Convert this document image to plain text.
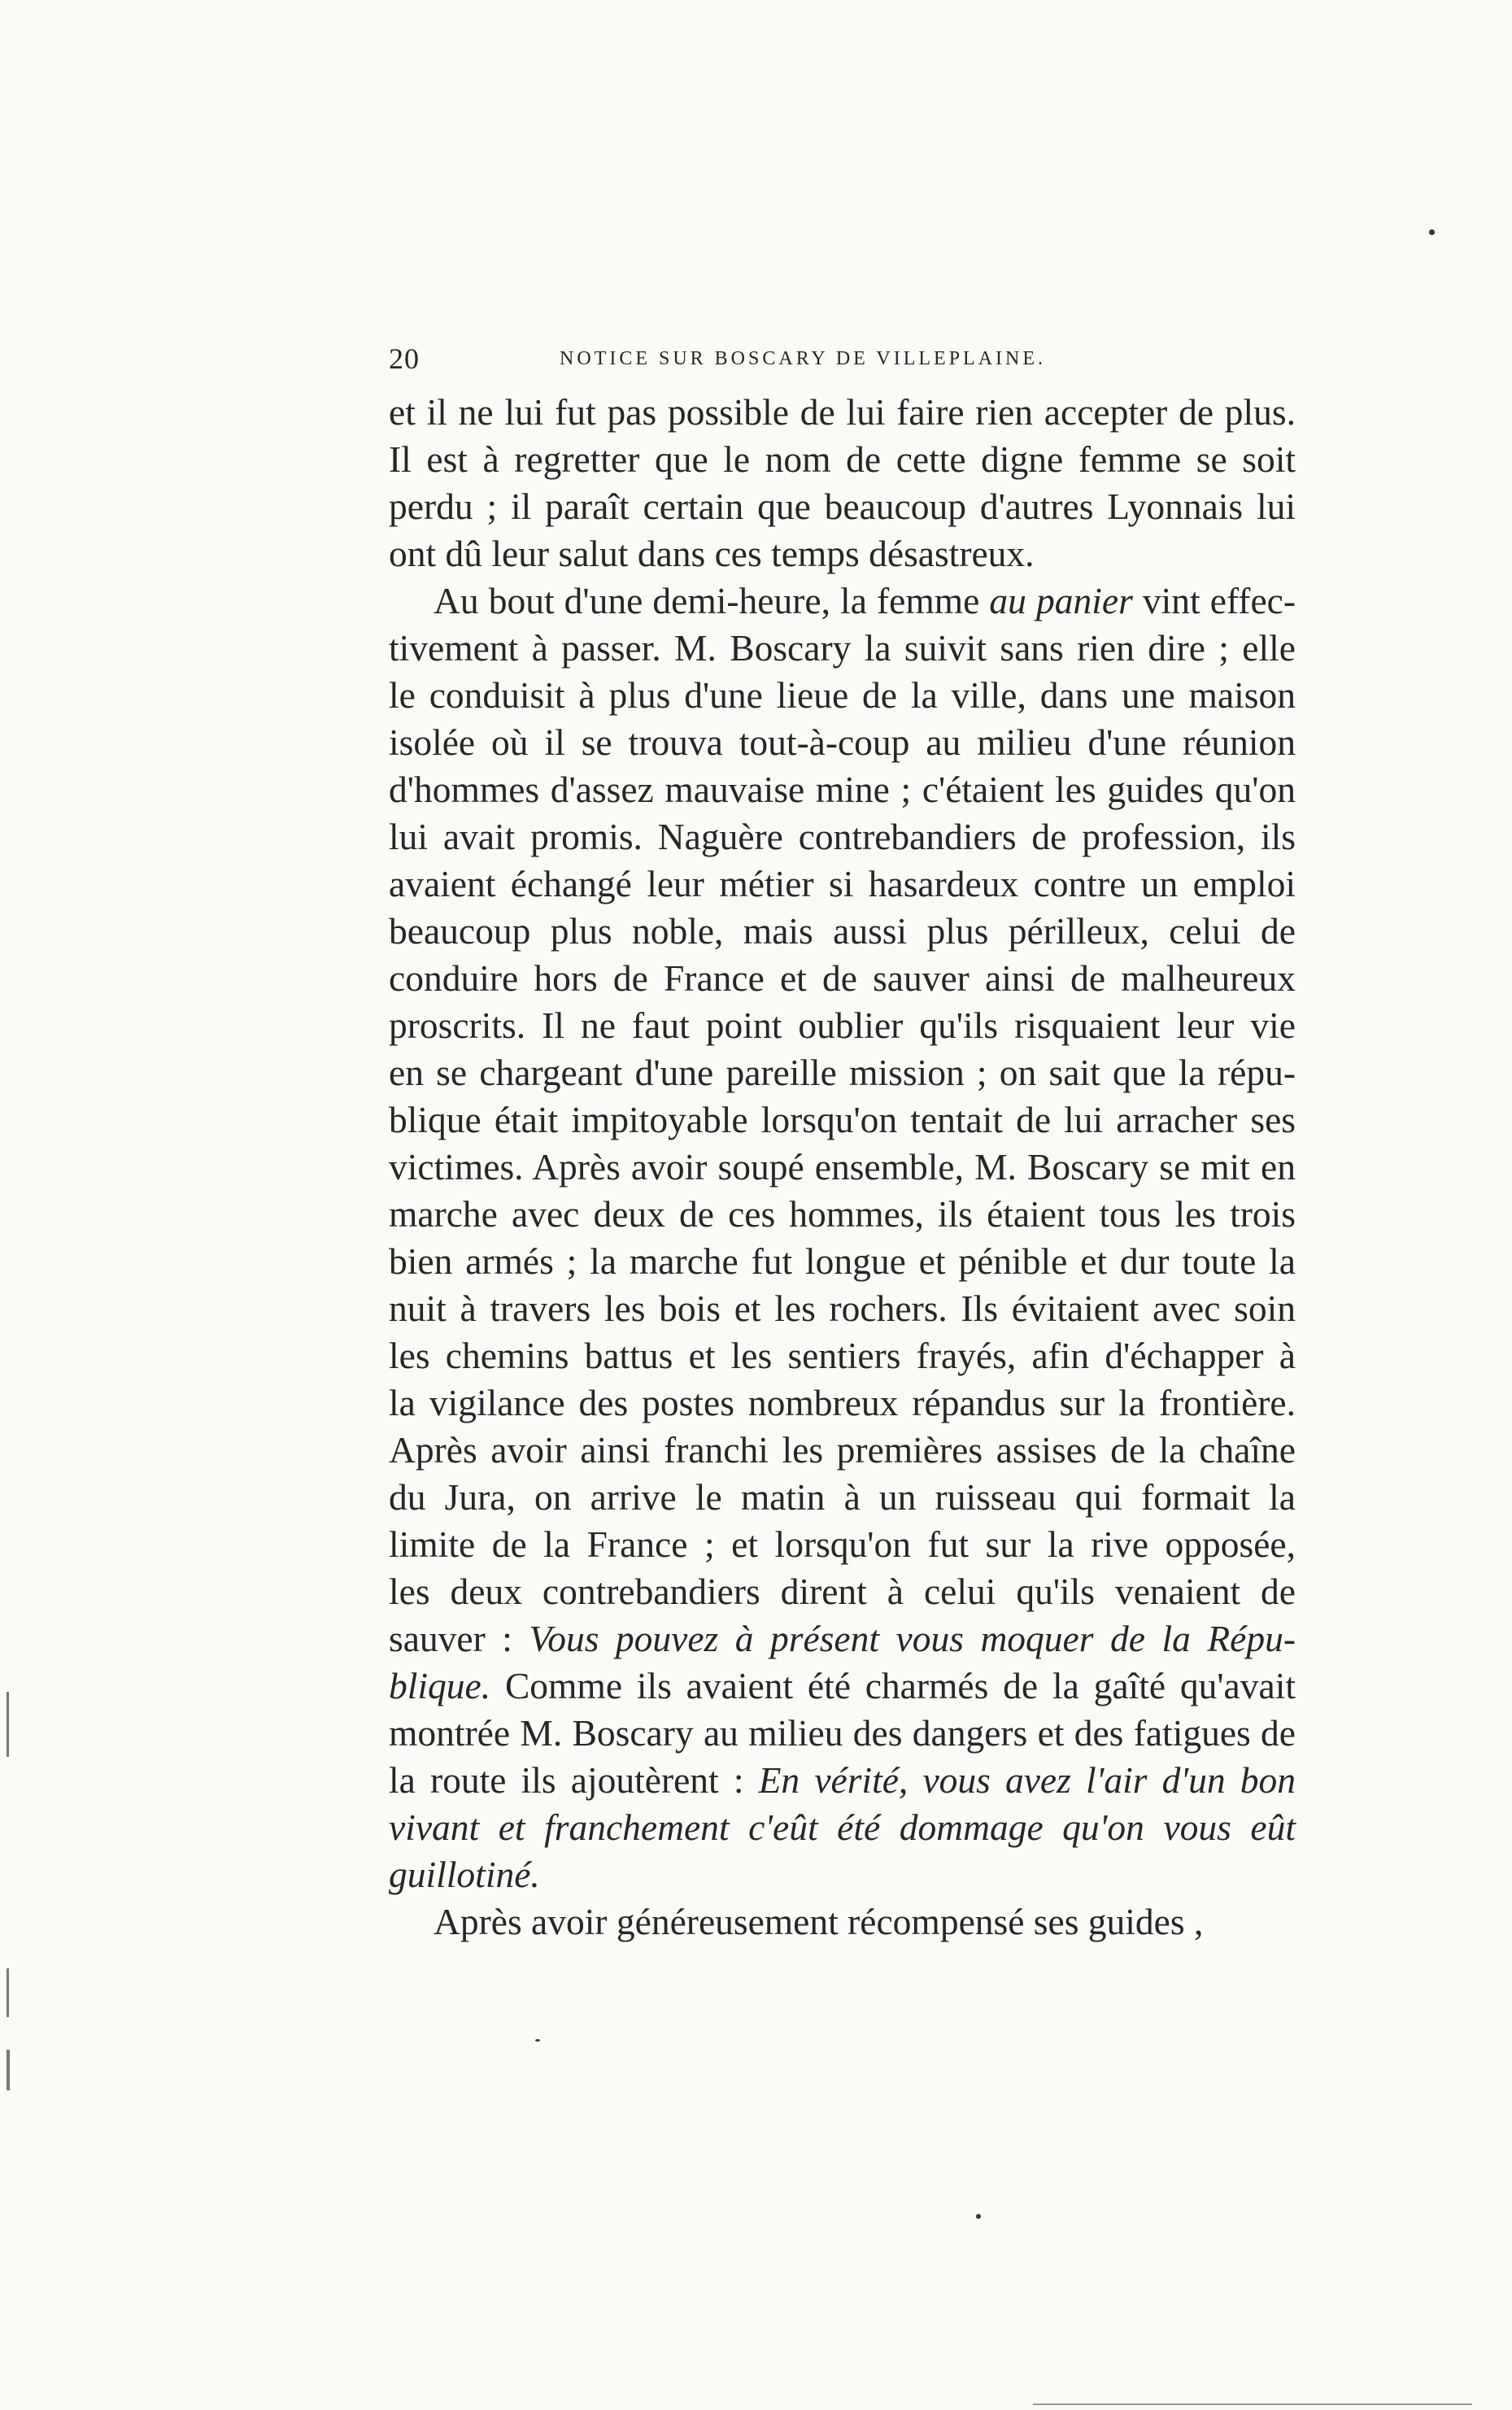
20	NOTICE SUR BOSCARY DE VILLEPLAINE.
et il ne lui fut pas possible de lui faire rien accepter de plus.
Il est à regretter que le nom de cette digne femme se soit
perdu ; il paraît certain que beaucoup d'autres Lyonnais lui
ont dû leur salut dans ces temps désastreux.
Au bout d'une demi-heure, la femme au panier vint effec-
tivement à passer. M. Boscary la suivit sans rien dire ; elle
le conduisit à plus d'une lieue de la ville, dans une maison
isolée où il se trouva tout-à-coup au milieu d'une réunion
d'hommes d'assez mauvaise mine ; c'étaient les guides qu'on
lui avait promis. Naguère contrebandiers de profession, ils
avaient échangé leur métier si hasardeux contre un emploi
beaucoup plus noble, mais aussi plus périlleux, celui de
conduire hors de France et de sauver ainsi de malheureux
proscrits. Il ne faut point oublier qu'ils risquaient leur vie
en se chargeant d'une pareille mission ; on sait que la répu-
blique était impitoyable lorsqu'on tentait de lui arracher ses
victimes. Après avoir soupé ensemble, M. Boscary se mit en
marche avec deux de ces hommes, ils étaient tous les trois
bien armés ; la marche fut longue et pénible et dur toute la
nuit à travers les bois et les rochers. Ils évitaient avec soin
les chemins battus et les sentiers frayés, afin d'échapper à
la vigilance des postes nombreux répandus sur la frontière.
Après avoir ainsi franchi les premières assises de la chaîne
du Jura, on arrive le matin à un ruisseau qui formait la
limite de la France ; et lorsqu'on fut sur la rive opposée,
les deux contrebandiers dirent à celui qu'ils venaient de
sauver : Vous pouvez à présent vous moquer de la Répu-
blique. Comme ils avaient été charmés de la gaîté qu'avait
montrée M. Boscary au milieu des dangers et des fatigues de
la route ils ajoutèrent : En vérité, vous avez l'air d'un bon
vivant et franchement c'eût été dommage qu'on vous eût
guillotiné.
Après avoir généreusement récompensé ses guides ,
